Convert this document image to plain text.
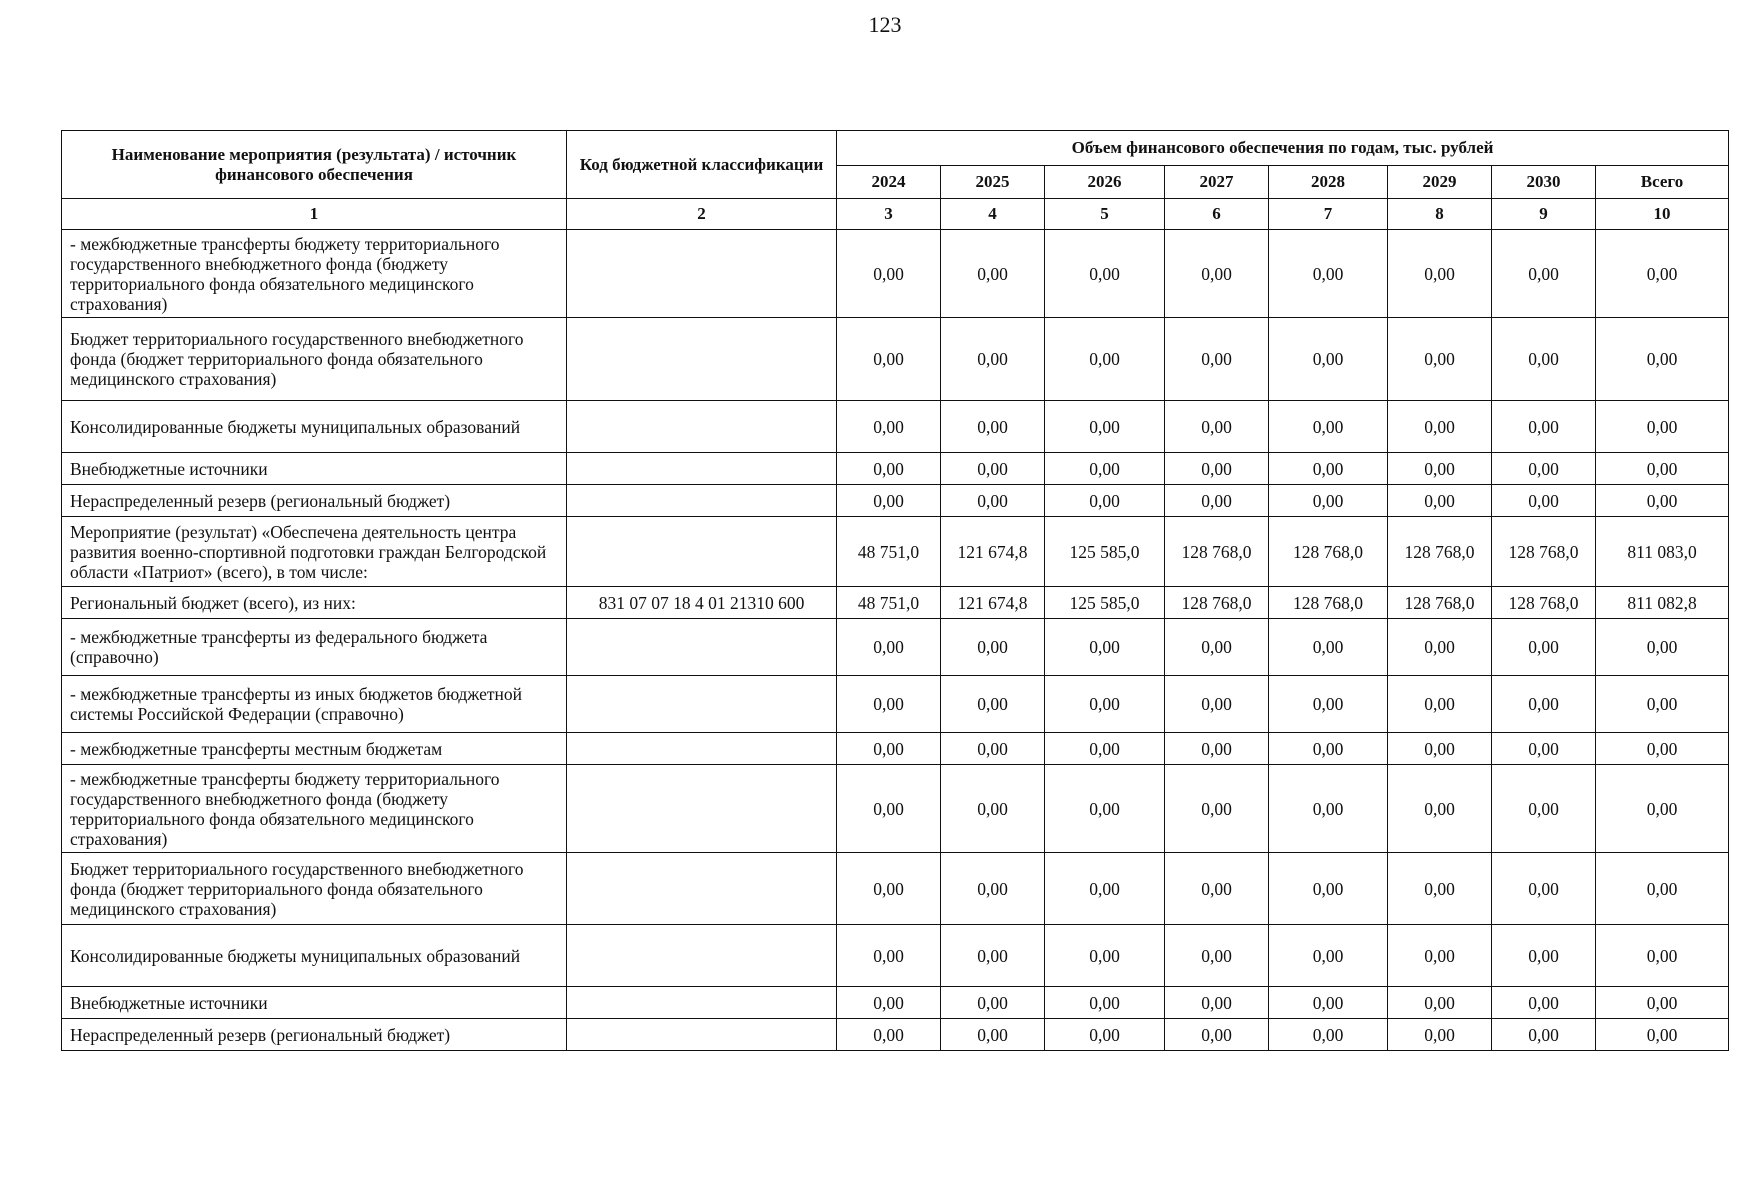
123
Наименование мероприятия (результата) / источник финансового обеспечения	Код бюджетной классификации	Объем финансового обеспечения по годам, тыс. рублей							
		2024	2025	2026	2027	2028	2029	2030	Всего
1	2	3	4	5	6	7	8	9	10
- межбюджетные трансферты бюджету территориального государственного внебюджетного фонда (бюджету территориального фонда обязательного медицинского страхования)		0,00	0,00	0,00	0,00	0,00	0,00	0,00	0,00
Бюджет территориального государственного внебюджетного фонда (бюджет территориального фонда обязательного медицинского страхования)		0,00	0,00	0,00	0,00	0,00	0,00	0,00	0,00
Консолидированные бюджеты муниципальных образований		0,00	0,00	0,00	0,00	0,00	0,00	0,00	0,00
Внебюджетные источники		0,00	0,00	0,00	0,00	0,00	0,00	0,00	0,00
Нераспределенный резерв (региональный бюджет)		0,00	0,00	0,00	0,00	0,00	0,00	0,00	0,00
Мероприятие (результат) «Обеспечена деятельность центра развития военно-спортивной подготовки граждан Белгородской области «Патриот» (всего), в том числе:		48 751,0	121 674,8	125 585,0	128 768,0	128 768,0	128 768,0	128 768,0	811 083,0
Региональный бюджет (всего), из них:	831 07 07 18 4 01 21310 600	48 751,0	121 674,8	125 585,0	128 768,0	128 768,0	128 768,0	128 768,0	811 082,8
- межбюджетные трансферты из федерального бюджета (справочно)		0,00	0,00	0,00	0,00	0,00	0,00	0,00	0,00
- межбюджетные трансферты из иных бюджетов бюджетной системы Российской Федерации (справочно)		0,00	0,00	0,00	0,00	0,00	0,00	0,00	0,00
- межбюджетные трансферты местным бюджетам		0,00	0,00	0,00	0,00	0,00	0,00	0,00	0,00
- межбюджетные трансферты бюджету территориального государственного внебюджетного фонда (бюджету территориального фонда обязательного медицинского страхования)		0,00	0,00	0,00	0,00	0,00	0,00	0,00	0,00
Бюджет территориального государственного внебюджетного фонда (бюджет территориального фонда обязательного медицинского страхования)		0,00	0,00	0,00	0,00	0,00	0,00	0,00	0,00
Консолидированные бюджеты муниципальных образований		0,00	0,00	0,00	0,00	0,00	0,00	0,00	0,00
Внебюджетные источники		0,00	0,00	0,00	0,00	0,00	0,00	0,00	0,00
Нераспределенный резерв (региональный бюджет)		0,00	0,00	0,00	0,00	0,00	0,00	0,00	0,00
